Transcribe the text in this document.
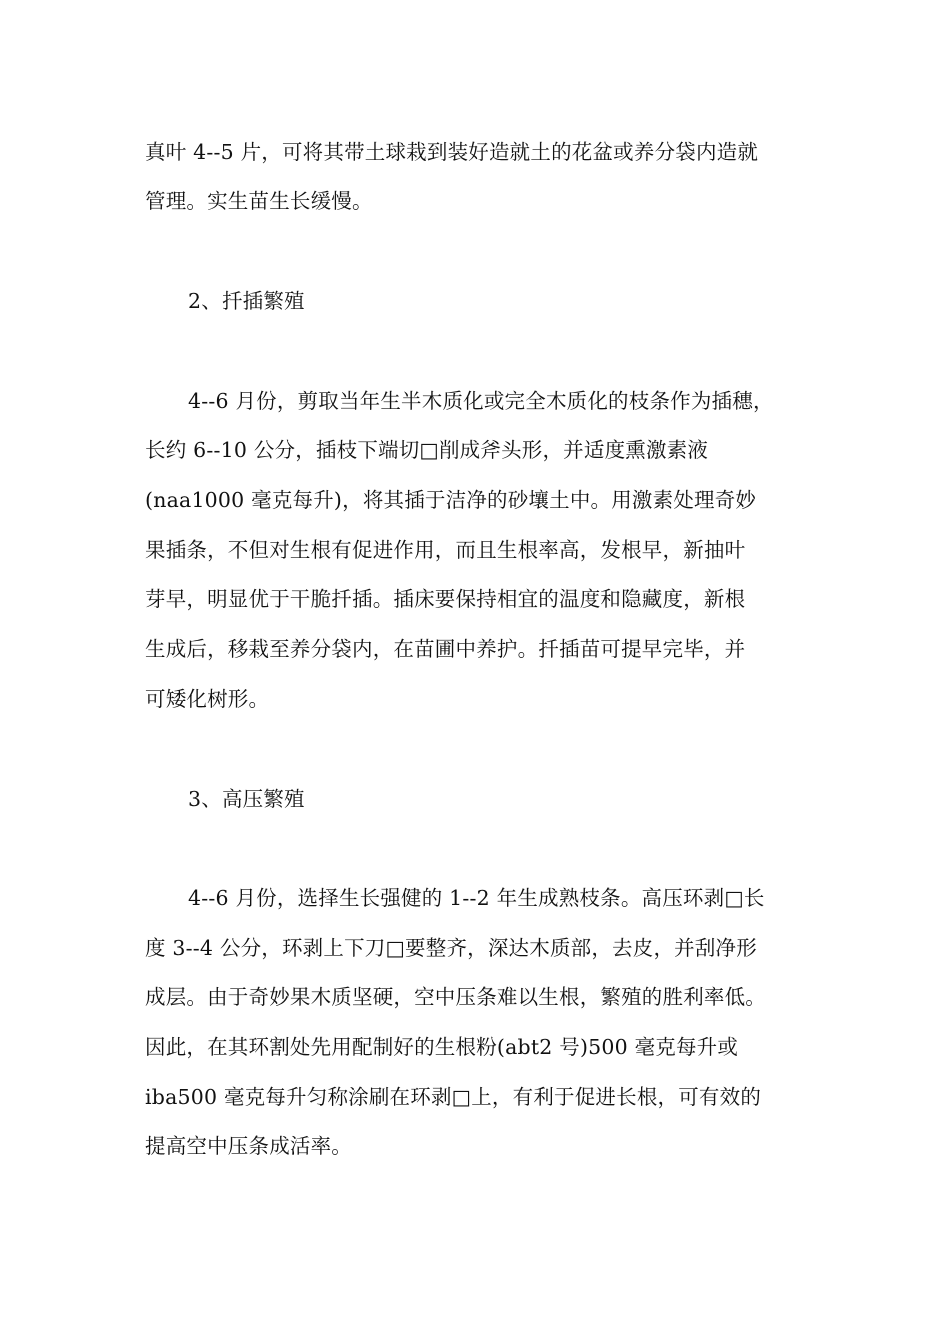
真叶 4--5 片，可将其带土球栽到装好造就土的花盆或养分袋内造就
管理。实生苗生长缓慢。
2、扦插繁殖
4--6 月份，剪取当年生半木质化或完全木质化的枝条作为插穗，
长约 6--10 公分，插枝下端切□削成斧头形，并适度熏激素液
(naa1000 毫克每升)，将其插于洁净的砂壤土中。用激素处理奇妙
果插条，不但对生根有促进作用，而且生根率高，发根早，新抽叶
芽早，明显优于干脆扦插。插床要保持相宜的温度和隐藏度，新根
生成后，移栽至养分袋内，在苗圃中养护。扦插苗可提早完毕，并
可矮化树形。
3、高压繁殖
4--6 月份，选择生长强健的 1--2 年生成熟枝条。高压环剥□长
度 3--4 公分，环剥上下刀□要整齐，深达木质部，去皮，并刮净形
成层。由于奇妙果木质坚硬，空中压条难以生根，繁殖的胜利率低。
因此，在其环割处先用配制好的生根粉(abt2 号)500 毫克每升或
iba500 毫克每升匀称涂刷在环剥□上，有利于促进长根，可有效的
提高空中压条成活率。
